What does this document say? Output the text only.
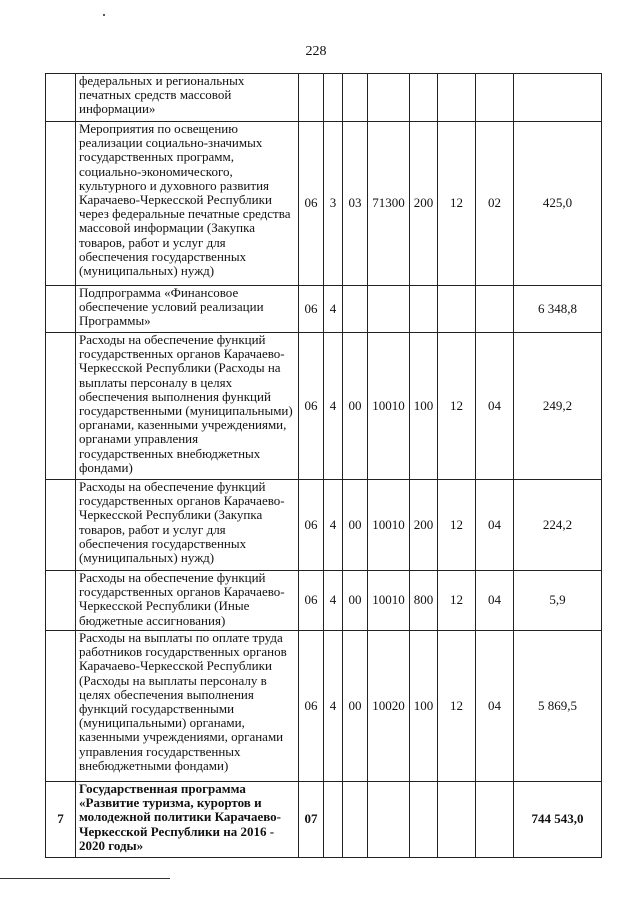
228
	федеральных и региональных печатных средств массовой информации»								
	Мероприятия по освещению реализации социально-значимых государственных программ, социально-экономического, культурного и духовного развития Карачаево-Черкесской Республики через федеральные печатные средства массовой информации (Закупка товаров, работ и услуг для обеспечения государственных (муниципальных) нужд)	06	3	03	71300	200	12	02	425,0
	Подпрограмма «Финансовое обеспечение условий реализации Программы»	06	4						6 348,8
	Расходы на обеспечение функций государственных органов Карачаево-Черкесской Республики (Расходы на выплаты персоналу в целях обеспечения выполнения функций государственными (муниципальными) органами, казенными учреждениями, органами управления государственных внебюджетных фондами)	06	4	00	10010	100	12	04	249,2
	Расходы на обеспечение функций государственных органов Карачаево-Черкесской Республики (Закупка товаров, работ и услуг для обеспечения государственных (муниципальных) нужд)	06	4	00	10010	200	12	04	224,2
	Расходы на обеспечение функций государственных органов Карачаево-Черкесской Республики (Иные бюджетные ассигнования)	06	4	00	10010	800	12	04	5,9
	Расходы на выплаты по оплате труда работников государственных органов Карачаево-Черкесской Республики (Расходы на выплаты персоналу в целях обеспечения выполнения функций государственными (муниципальными) органами, казенными учреждениями, органами управления государственных внебюджетными фондами)	06	4	00	10020	100	12	04	5 869,5
7	Государственная программа «Развитие туризма, курортов и молодежной политики Карачаево-Черкесской Республики на 2016 - 2020 годы»	07							744 543,0
